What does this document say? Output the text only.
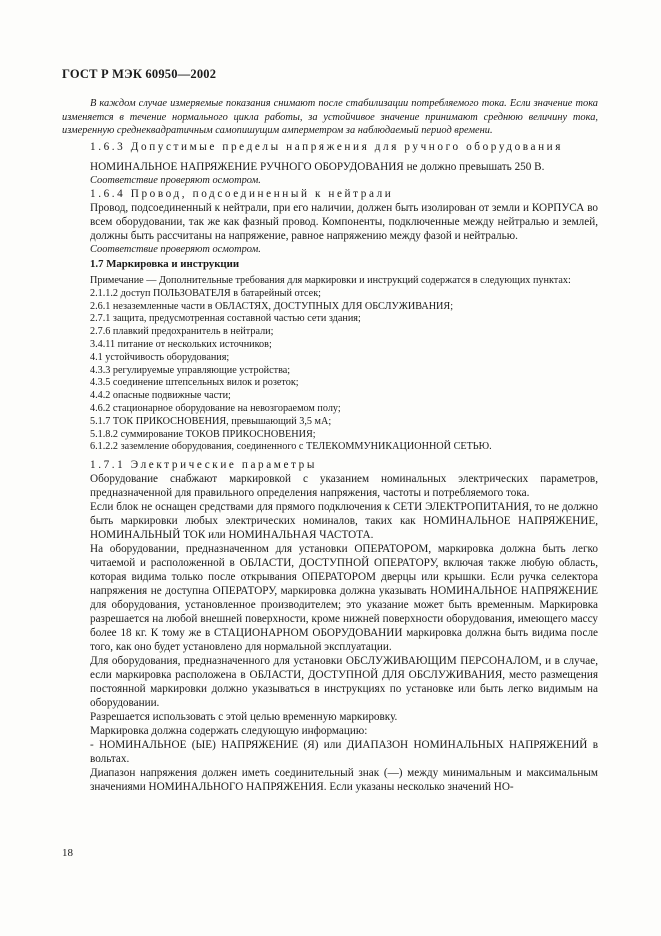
ГОСТ Р МЭК 60950—2002

В каждом случае измеряемые показания снимают после стабилизации потребляемого тока. Если значение тока изменяется в течение нормального цикла работы, за устойчивое значение принимают среднюю величину тока, измеренную среднеквадратичным самопишущим амперметром за наблюдаемый период времени.

1.6.3 Допустимые пределы напряжения для ручного оборудования

НОМИНАЛЬНОЕ НАПРЯЖЕНИЕ РУЧНОГО ОБОРУДОВАНИЯ не должно превышать 250 В.

Соответствие проверяют осмотром.

1.6.4 Провод, подсоединенный к нейтрали

Провод, подсоединенный к нейтрали, при его наличии, должен быть изолирован от земли и КОРПУСА во всем оборудовании, так же как фазный провод. Компоненты, подключенные между нейтралью и землей, должны быть рассчитаны на напряжение, равное напряжению между фазой и нейтралью.

Соответствие проверяют осмотром.

1.7 Маркировка и инструкции

Примечание — Дополнительные требования для маркировки и инструкций содержатся в следующих пунктах:

2.1.1.2 доступ ПОЛЬЗОВАТЕЛЯ в батарейный отсек;

2.6.1 незаземленные части в ОБЛАСТЯХ, ДОСТУПНЫХ ДЛЯ ОБСЛУЖИВАНИЯ;

2.7.1 защита, предусмотренная составной частью сети здания;

2.7.6 плавкий предохранитель в нейтрали;

3.4.11 питание от нескольких источников;

4.1 устойчивость оборудования;

4.3.3 регулируемые управляющие устройства;

4.3.5 соединение штепсельных вилок и розеток;

4.4.2 опасные подвижные части;

4.6.2 стационарное оборудование на невозгораемом полу;

5.1.7 ТОК ПРИКОСНОВЕНИЯ, превышающий 3,5 мА;

5.1.8.2 суммирование ТОКОВ ПРИКОСНОВЕНИЯ;

6.1.2.2 заземление оборудования, соединенного с ТЕЛЕКОММУНИКАЦИОННОЙ СЕТЬЮ.

1.7.1 Электрические параметры

Оборудование снабжают маркировкой с указанием номинальных электрических параметров, предназначенной для правильного определения напряжения, частоты и потребляемого тока.

Если блок не оснащен средствами для прямого подключения к СЕТИ ЭЛЕКТРОПИТАНИЯ, то не должно быть маркировки любых электрических номиналов, таких как НОМИНАЛЬНОЕ НАПРЯЖЕНИЕ, НОМИНАЛЬНЫЙ ТОК или НОМИНАЛЬНАЯ ЧАСТОТА.

На оборудовании, предназначенном для установки ОПЕРАТОРОМ, маркировка должна быть легко читаемой и расположенной в ОБЛАСТИ, ДОСТУПНОЙ ОПЕРАТОРУ, включая также любую область, которая видима только после открывания ОПЕРАТОРОМ дверцы или крышки. Если ручка селектора напряжения не доступна ОПЕРАТОРУ, маркировка должна указывать НОМИНАЛЬНОЕ НАПРЯЖЕНИЕ для оборудования, установленное производителем; это указание может быть временным. Маркировка разрешается на любой внешней поверхности, кроме нижней поверхности оборудования, имеющего массу более 18 кг. К тому же в СТАЦИОНАРНОМ ОБОРУДОВАНИИ маркировка должна быть видима после того, как оно будет установлено для нормальной эксплуатации.

Для оборудования, предназначенного для установки ОБСЛУЖИВАЮЩИМ ПЕРСОНАЛОМ, и в случае, если маркировка расположена в ОБЛАСТИ, ДОСТУПНОЙ ДЛЯ ОБСЛУЖИВАНИЯ, место размещения постоянной маркировки должно указываться в инструкциях по установке или быть легко видимым на оборудовании.

Разрешается использовать с этой целью временную маркировку.

Маркировка должна содержать следующую информацию:

- НОМИНАЛЬНОЕ (ЫЕ) НАПРЯЖЕНИЕ (Я) или ДИАПАЗОН НОМИНАЛЬНЫХ НАПРЯЖЕНИЙ в вольтах.

Диапазон напряжения должен иметь соединительный знак (—) между минимальным и максимальным значениями НОМИНАЛЬНОГО НАПРЯЖЕНИЯ. Если указаны несколько значений НО-

18
